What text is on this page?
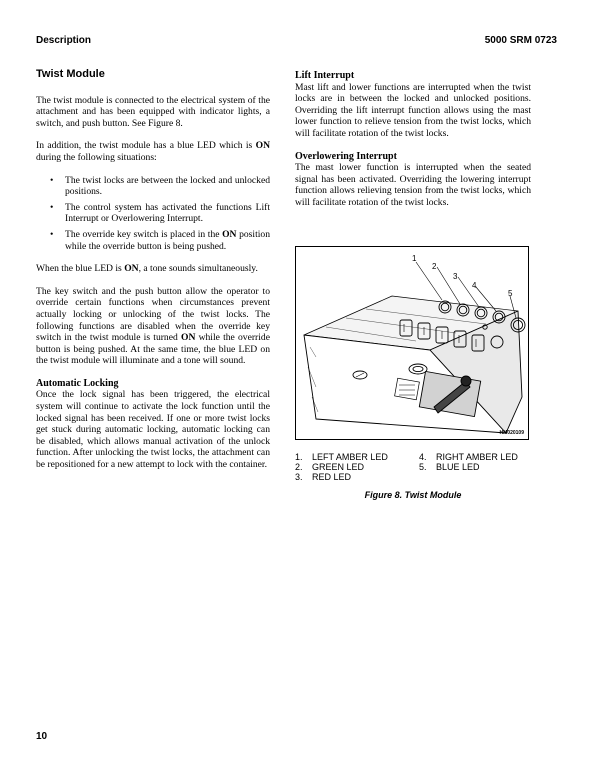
Description	5000 SRM 0723
Twist Module

The twist module is connected to the electrical system of the attachment and has been equipped with indicator lights, a switch, and push button. See Figure 8.

In addition, the twist module has a blue LED which is ON during the following situations:

• The twist locks are between the locked and unlocked positions.
• The control system has activated the functions Lift Interrupt or Overlowering Interrupt.
• The override key switch is placed in the ON position while the override button is being pushed.

When the blue LED is ON, a tone sounds simultaneously.

The key switch and the push button allow the operator to override certain functions when circumstances prevent actually locking or unlocking of the twist locks. The following functions are disabled when the override key switch in the twist module is turned ON while the override button is being pushed. At the same time, the blue LED on the twist module will illuminate and a tone will sound.

Automatic Locking

Once the lock signal has been triggered, the electrical system will continue to activate the lock function until the locked signal has been received. If one or more twist locks get stuck during automatic locking, automatic locking can be disabled, which allows manual activation of the unlock function. After unlocking the twist locks, the attachment can be repositioned for a new attempt to lock with the container.

Lift Interrupt

Mast lift and lower functions are interrupted when the twist locks are in between the locked and unlocked positions. Overriding the lift interrupt function allows using the mast lower function to relieve tension from the twist locks, which will facilitate rotation of the twist locks.

Overlowering Interrupt

The mast lower function is interrupted when the seated signal has been activated. Overriding the lowering interrupt function allows relieving tension from the twist locks, which will facilitate rotation of the twist locks.

1
2
3
4
5
HM020109
1. LEFT AMBER LED
2. GREEN LED
3. RED LED
4. RIGHT AMBER LED
5. BLUE LED
Figure 8. Twist Module
10
